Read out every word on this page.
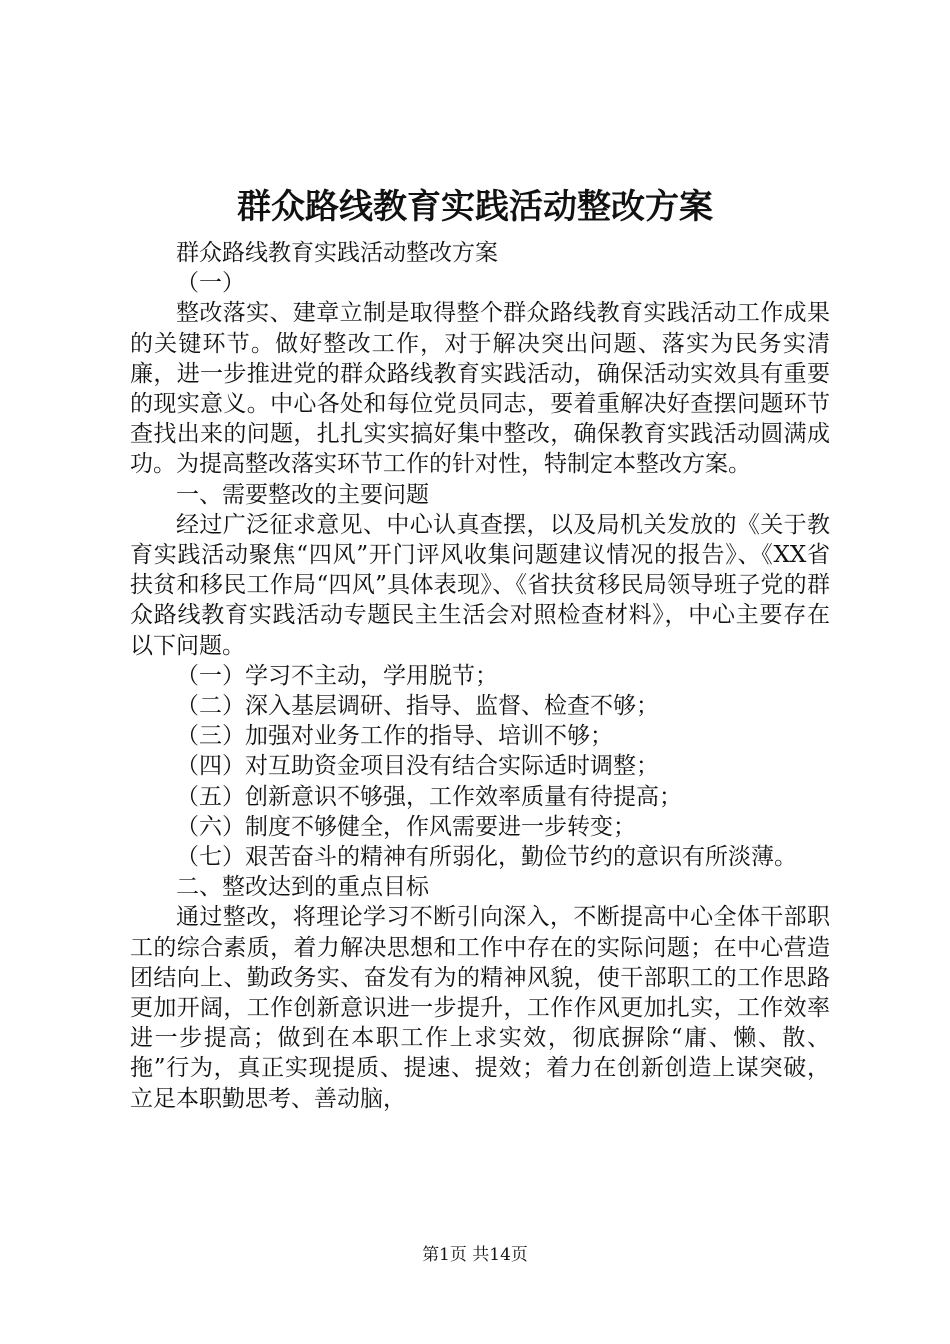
群众路线教育实践活动整改方案

群众路线教育实践活动整改方案

（一）

整改落实、建章立制是取得整个群众路线教育实践活动工作成果的关键环节。做好整改工作，对于解决突出问题、落实为民务实清廉，进一步推进党的群众路线教育实践活动，确保活动实效具有重要的现实意义。中心各处和每位党员同志，要着重解决好查摆问题环节查找出来的问题，扎扎实实搞好集中整改，确保教育实践活动圆满成功。为提高整改落实环节工作的针对性，特制定本整改方案。

一、需要整改的主要问题

经过广泛征求意见、中心认真查摆，以及局机关发放的《关于教育实践活动聚焦“四风”开门评风收集问题建议情况的报告》、《XX省扶贫和移民工作局“四风”具体表现》、《省扶贫移民局领导班子党的群众路线教育实践活动专题民主生活会对照检查材料》，中心主要存在以下问题。

（一）学习不主动，学用脱节；

（二）深入基层调研、指导、监督、检查不够；

（三）加强对业务工作的指导、培训不够；

（四）对互助资金项目没有结合实际适时调整；

（五）创新意识不够强，工作效率质量有待提高；

（六）制度不够健全，作风需要进一步转变；

（七）艰苦奋斗的精神有所弱化，勤俭节约的意识有所淡薄。

二、整改达到的重点目标

通过整改，将理论学习不断引向深入，不断提高中心全体干部职工的综合素质，着力解决思想和工作中存在的实际问题；在中心营造团结向上、勤政务实、奋发有为的精神风貌，使干部职工的工作思路更加开阔，工作创新意识进一步提升，工作作风更加扎实，工作效率进一步提高；做到在本职工作上求实效，彻底摒除“庸、懒、散、拖”行为，真正实现提质、提速、提效；着力在创新创造上谋突破，立足本职勤思考、善动脑，

第1页 共14页
